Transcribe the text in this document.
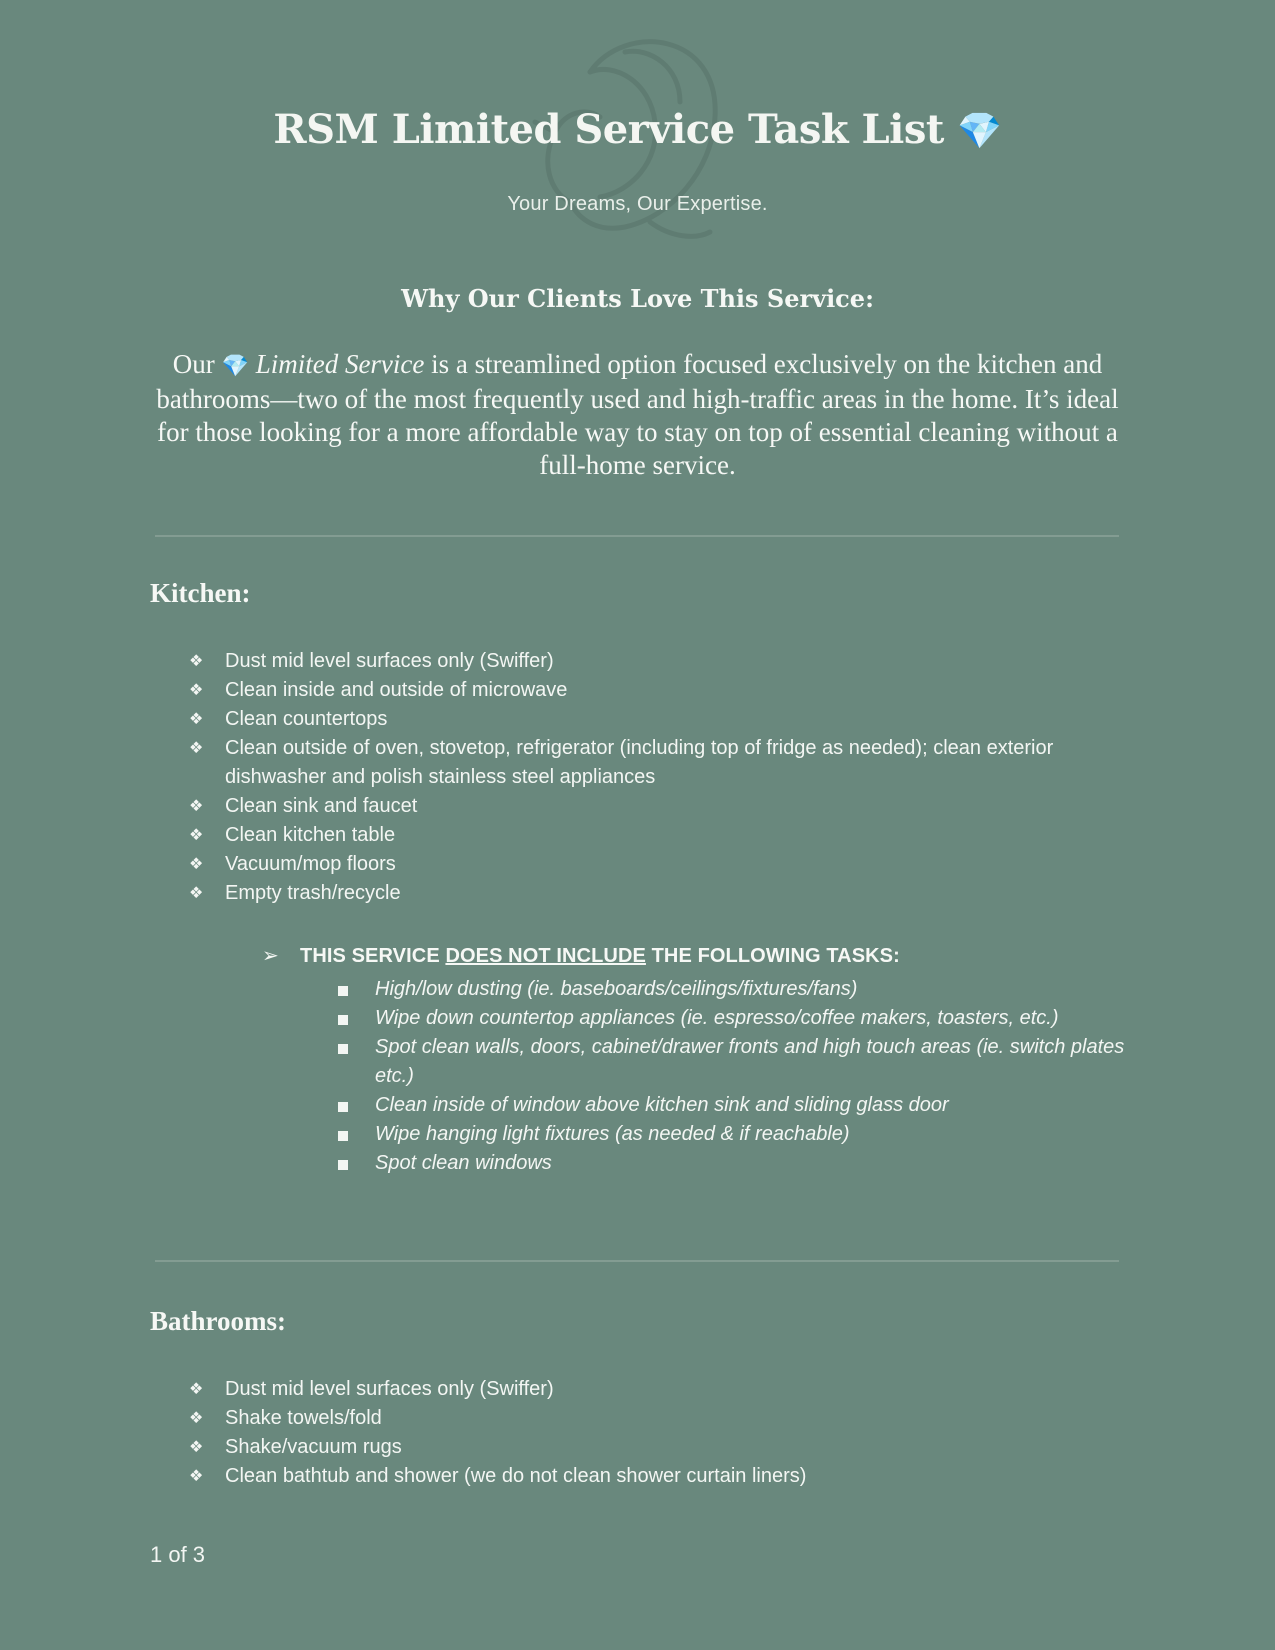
RSM Limited Service Task List 💎
Your Dreams, Our Expertise.
Why Our Clients Love This Service:
Our 💎 Limited Service is a streamlined option focused exclusively on the kitchen and bathrooms—two of the most frequently used and high-traffic areas in the home. It’s ideal for those looking for a more affordable way to stay on top of essential cleaning without a full-home service.
Kitchen:
❖ Dust mid level surfaces only (Swiffer)
❖ Clean inside and outside of microwave
❖ Clean countertops
❖ Clean outside of oven, stovetop, refrigerator (including top of fridge as needed); clean exterior dishwasher and polish stainless steel appliances
❖ Clean sink and faucet
❖ Clean kitchen table
❖ Vacuum/mop floors
❖ Empty trash/recycle
➢ THIS SERVICE DOES NOT INCLUDE THE FOLLOWING TASKS:
High/low dusting (ie. baseboards/ceilings/fixtures/fans)
Wipe down countertop appliances (ie. espresso/coffee makers, toasters, etc.)
Spot clean walls, doors, cabinet/drawer fronts and high touch areas (ie. switch plates etc.)
Clean inside of window above kitchen sink and sliding glass door
Wipe hanging light fixtures (as needed & if reachable)
Spot clean windows
Bathrooms:
❖ Dust mid level surfaces only (Swiffer)
❖ Shake towels/fold
❖ Shake/vacuum rugs
❖ Clean bathtub and shower (we do not clean shower curtain liners)
1 of 3
